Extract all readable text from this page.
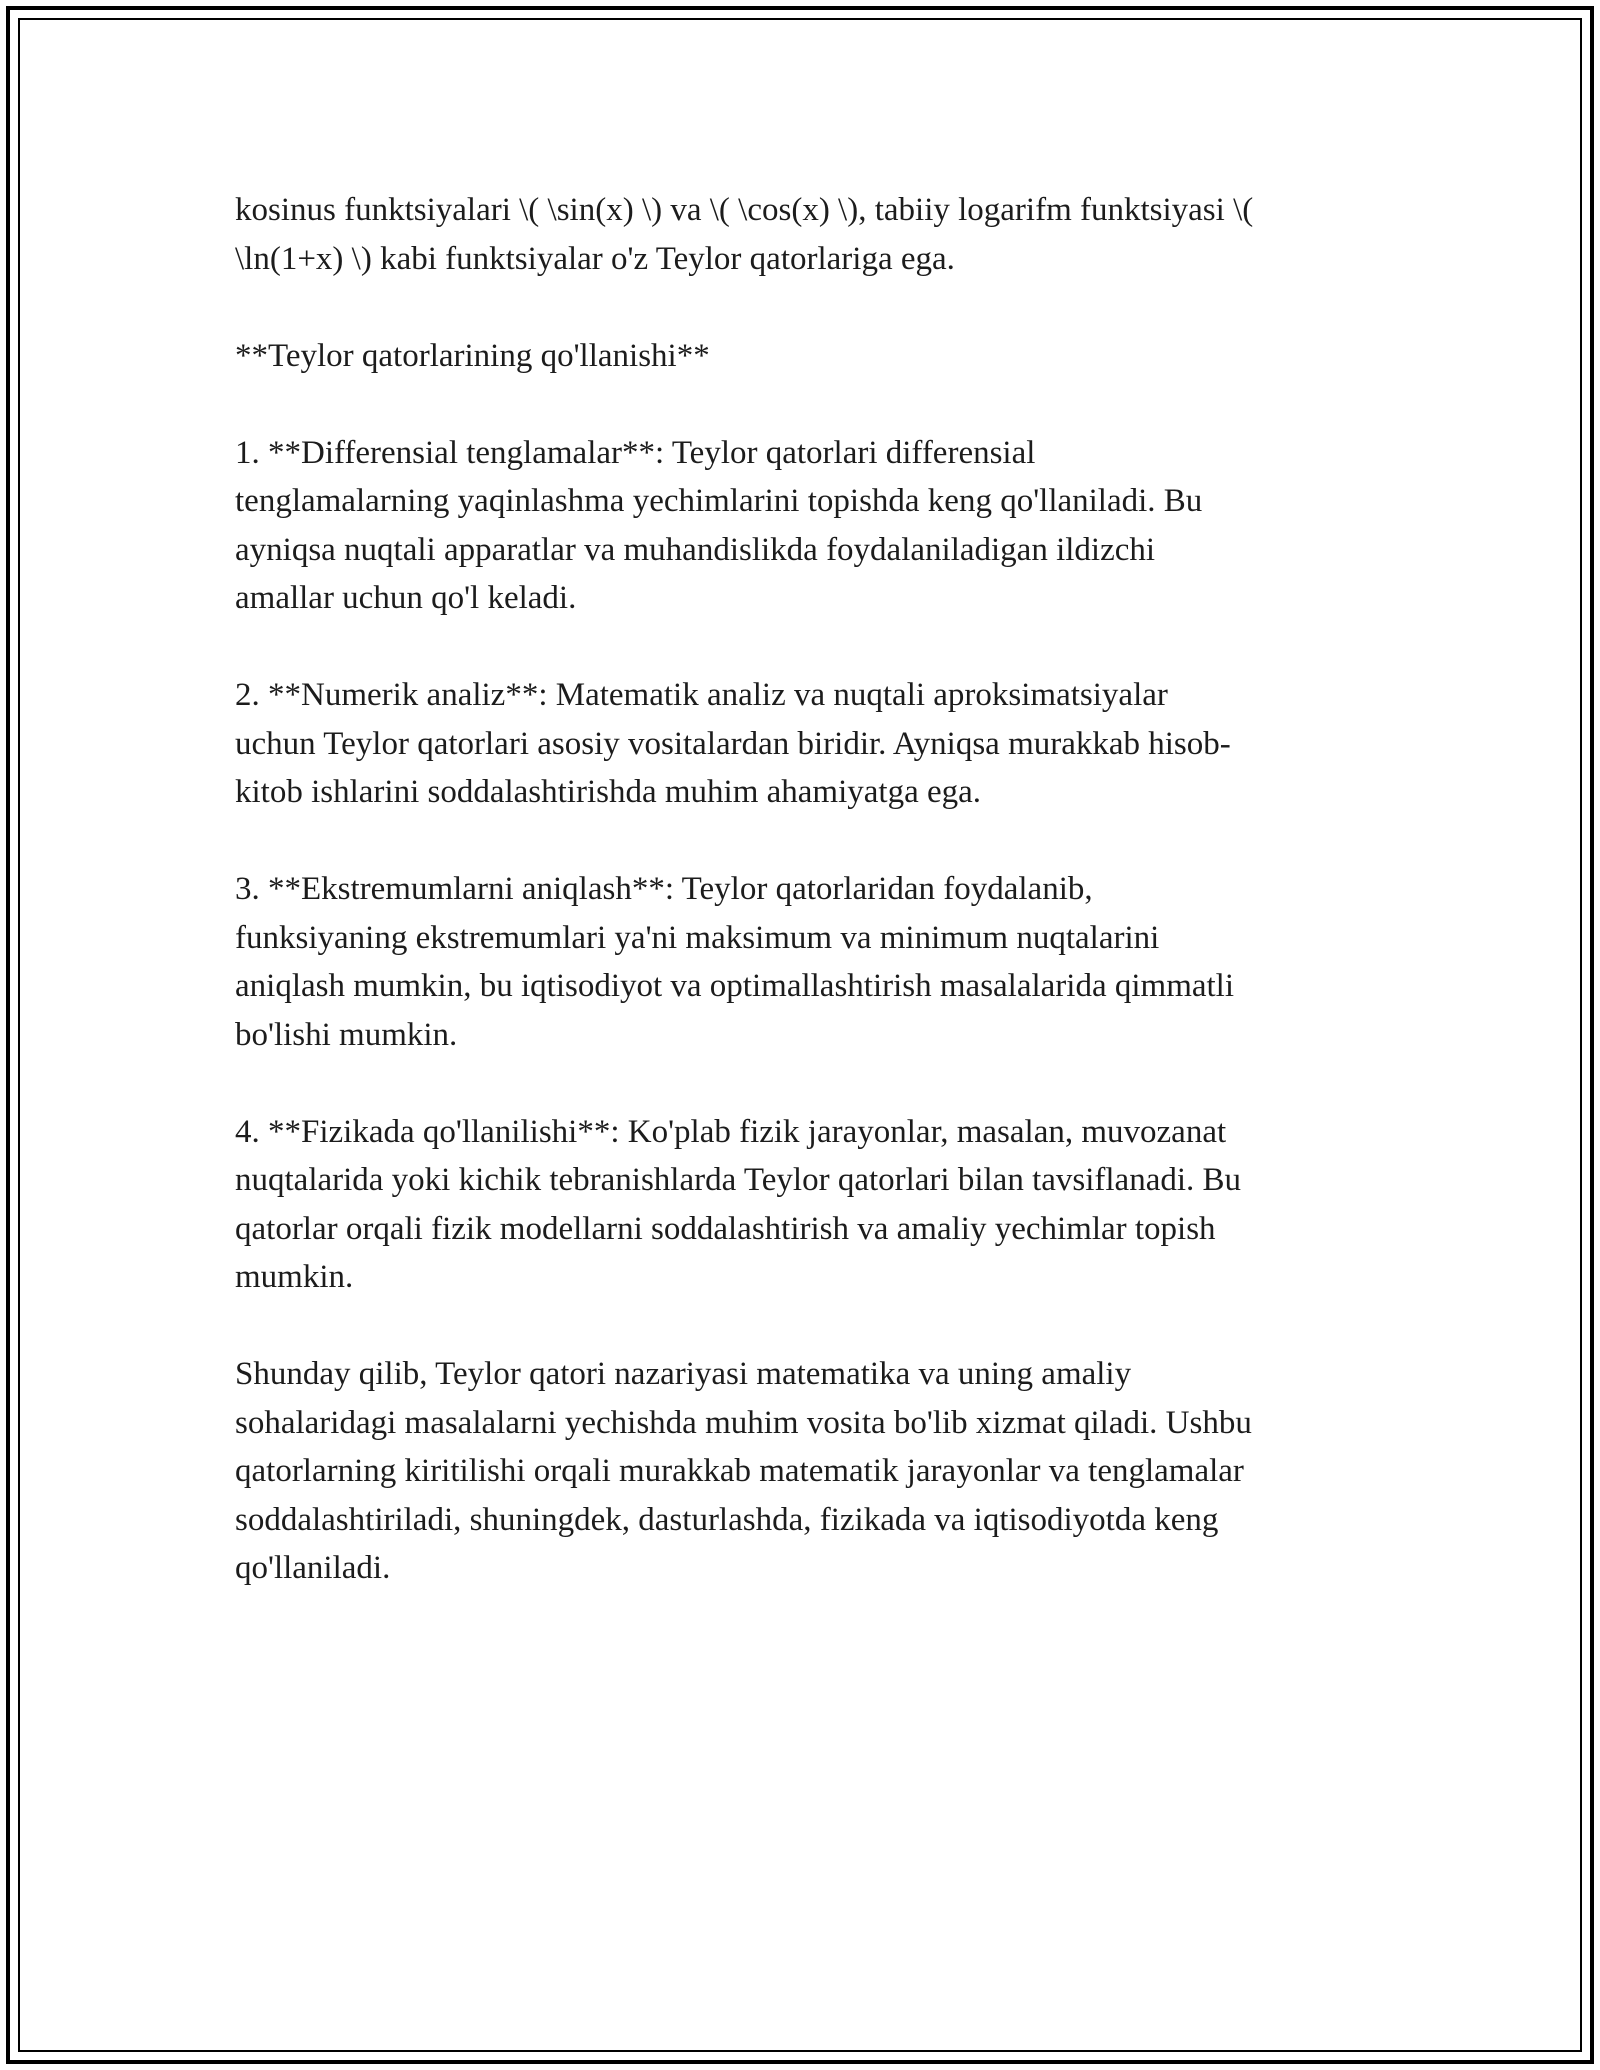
kosinus funktsiyalari \( \sin(x) \) va \( \cos(x) \), tabiiy logarifm funktsiyasi \(
\ln(1+x) \) kabi funktsiyalar o'z Teylor qatorlariga ega.

**Teylor qatorlarining qo'llanishi**

1. **Differensial tenglamalar**: Teylor qatorlari differensial
tenglamalarning yaqinlashma yechimlarini topishda keng qo'llaniladi. Bu
ayniqsa nuqtali apparatlar va muhandislikda foydalaniladigan ildizchi
amallar uchun qo'l keladi.

2. **Numerik analiz**: Matematik analiz va nuqtali aproksimatsiyalar
uchun Teylor qatorlari asosiy vositalardan biridir. Ayniqsa murakkab hisob-
kitob ishlarini soddalashtirishda muhim ahamiyatga ega.

3. **Ekstremumlarni aniqlash**: Teylor qatorlaridan foydalanib,
funksiyaning ekstremumlari ya'ni maksimum va minimum nuqtalarini
aniqlash mumkin, bu iqtisodiyot va optimallashtirish masalalarida qimmatli
bo'lishi mumkin.

4. **Fizikada qo'llanilishi**: Ko'plab fizik jarayonlar, masalan, muvozanat
nuqtalarida yoki kichik tebranishlarda Teylor qatorlari bilan tavsiflanadi. Bu
qatorlar orqali fizik modellarni soddalashtirish va amaliy yechimlar topish
mumkin.

Shunday qilib, Teylor qatori nazariyasi matematika va uning amaliy
sohalaridagi masalalarni yechishda muhim vosita bo'lib xizmat qiladi. Ushbu
qatorlarning kiritilishi orqali murakkab matematik jarayonlar va tenglamalar
soddalashtiriladi, shuningdek, dasturlashda, fizikada va iqtisodiyotda keng
qo'llaniladi.
